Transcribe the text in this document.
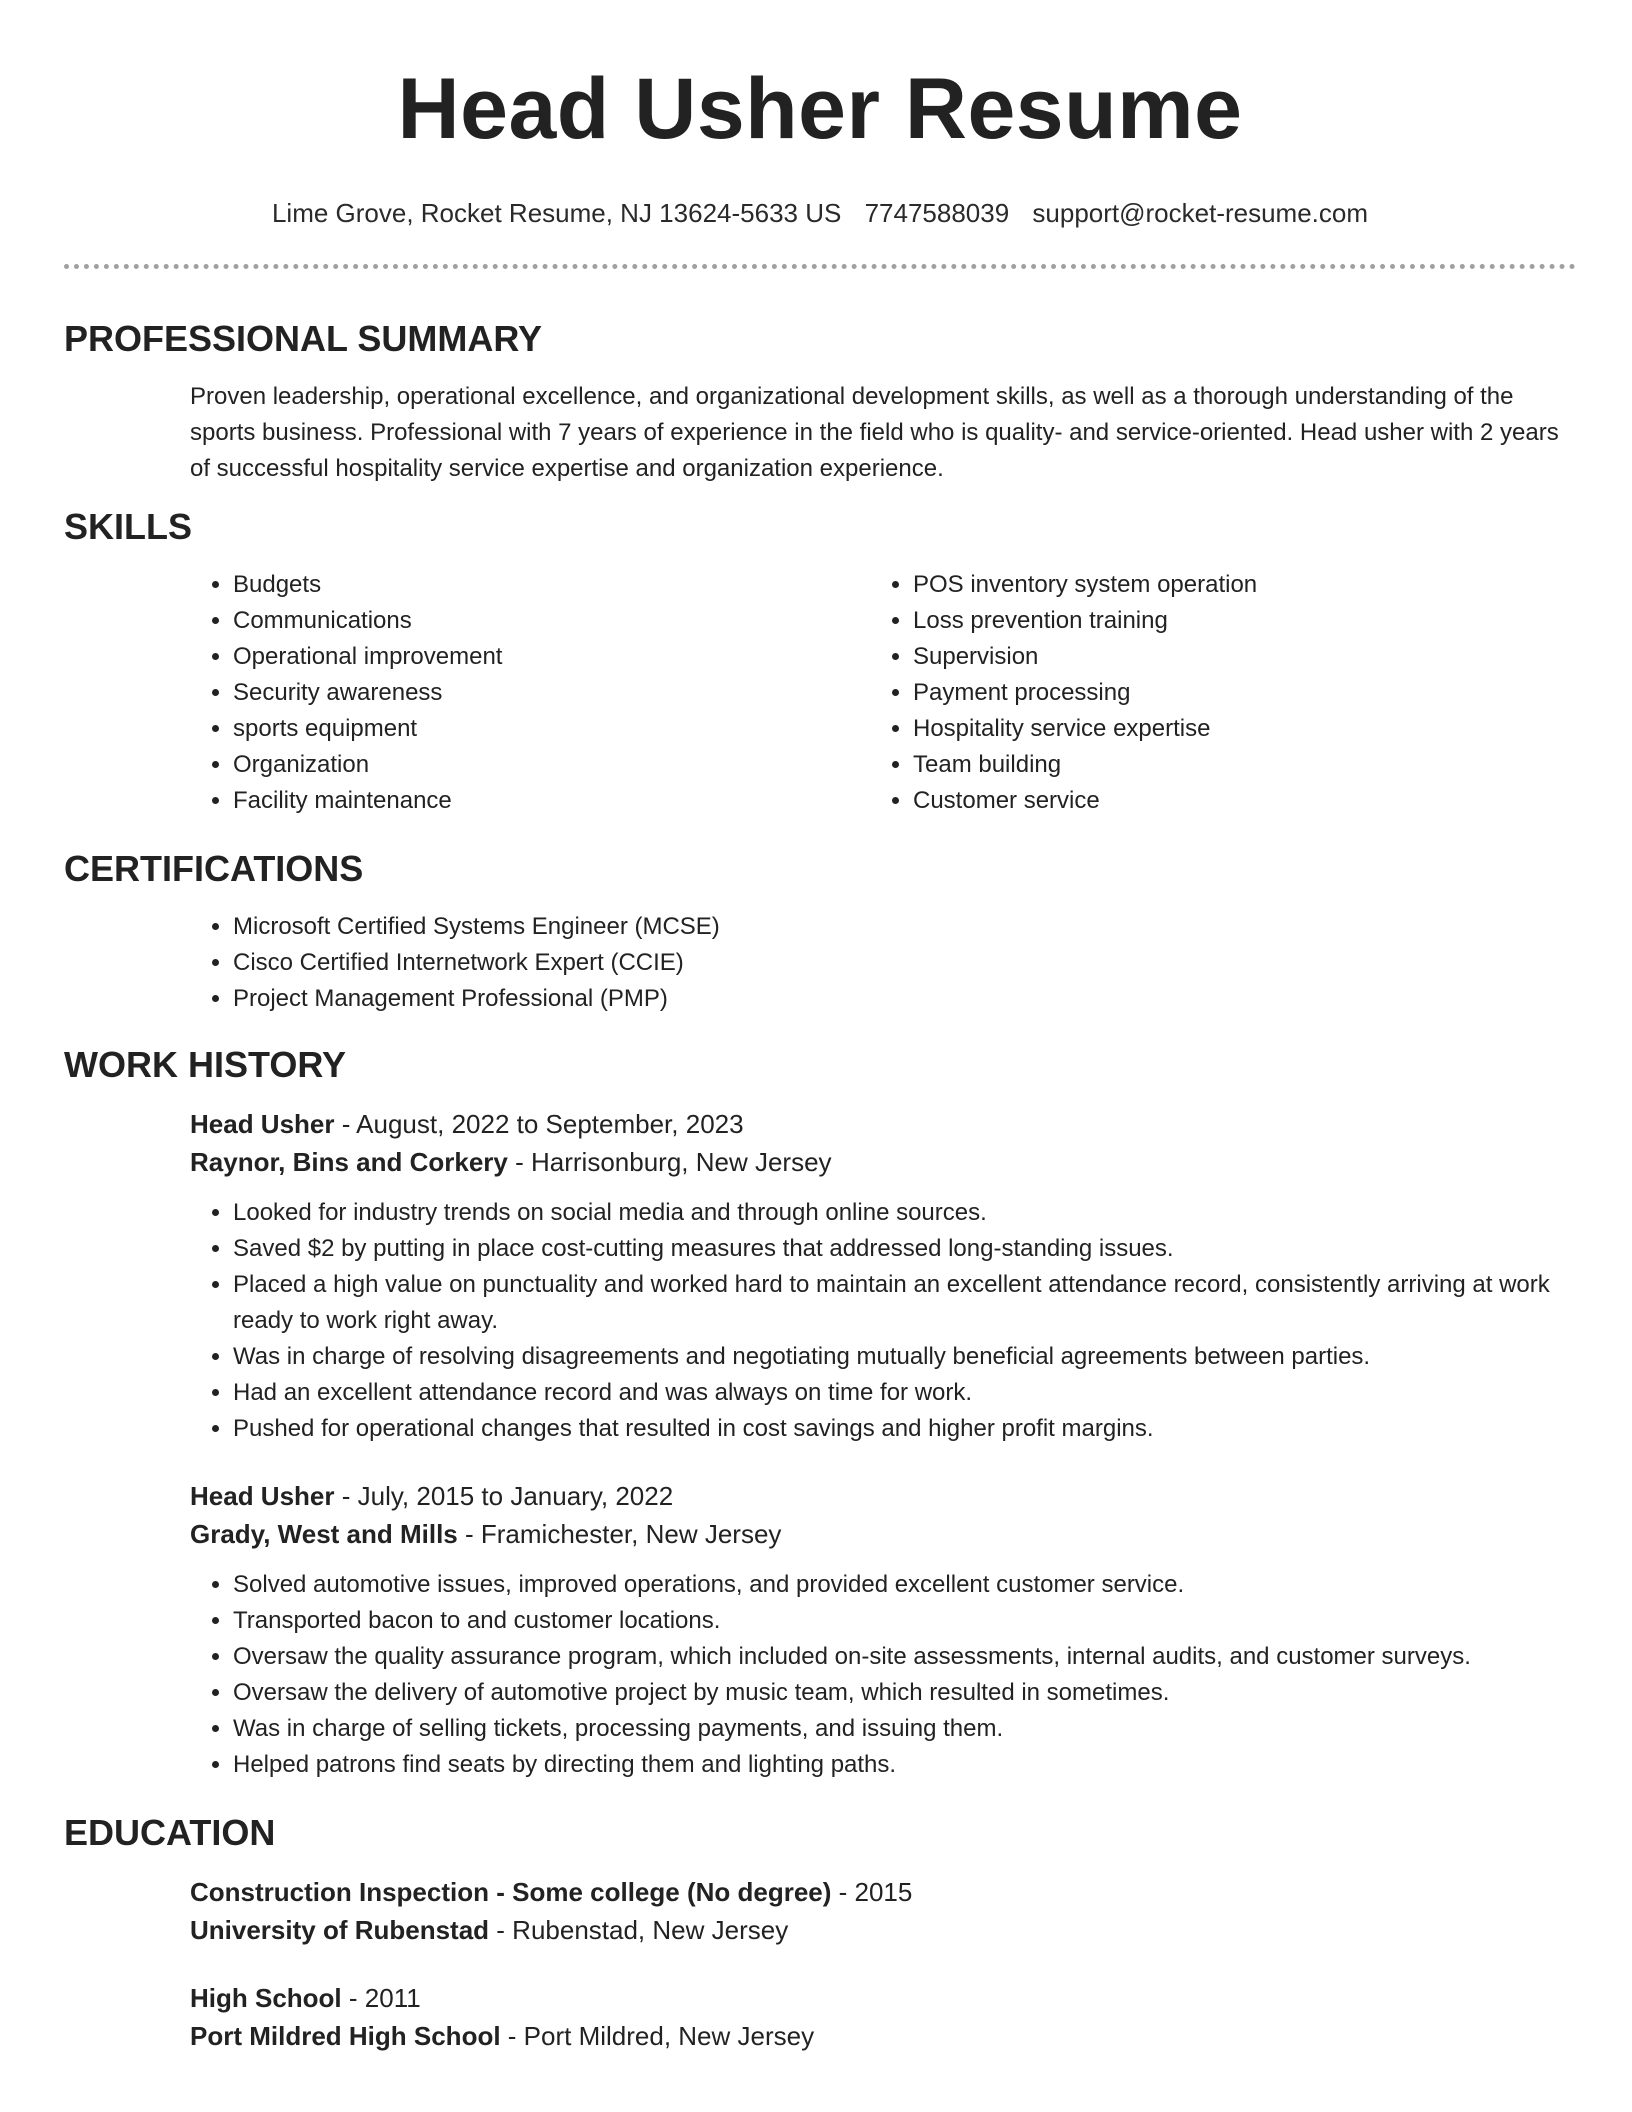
Head Usher Resume
Lime Grove, Rocket Resume, NJ 13624-5633 US 7747588039 support@rocket-resume.com
PROFESSIONAL SUMMARY

Proven leadership, operational excellence, and organizational development skills, as well as a thorough understanding of the sports business. Professional with 7 years of experience in the field who is quality- and service-oriented. Head usher with 2 years of successful hospitality service expertise and organization experience.

SKILLS
• Budgets
• Communications
• Operational improvement
• Security awareness
• sports equipment
• Organization
• Facility maintenance
• POS inventory system operation
• Loss prevention training
• Supervision
• Payment processing
• Hospitality service expertise
• Team building
• Customer service
CERTIFICATIONS
• Microsoft Certified Systems Engineer (MCSE)
• Cisco Certified Internetwork Expert (CCIE)
• Project Management Professional (PMP)
WORK HISTORY

Head Usher - August, 2022 to September, 2023

Raynor, Bins and Corkery - Harrisonburg, New Jersey

• Looked for industry trends on social media and through online sources.
• Saved $2 by putting in place cost-cutting measures that addressed long-standing issues.
• Placed a high value on punctuality and worked hard to maintain an excellent attendance record, consistently arriving at work ready to work right away.
• Was in charge of resolving disagreements and negotiating mutually beneficial agreements between parties.
• Had an excellent attendance record and was always on time for work.
• Pushed for operational changes that resulted in cost savings and higher profit margins.

Head Usher - July, 2015 to January, 2022

Grady, West and Mills - Framichester, New Jersey

• Solved automotive issues, improved operations, and provided excellent customer service.
• Transported bacon to and customer locations.
• Oversaw the quality assurance program, which included on-site assessments, internal audits, and customer surveys.
• Oversaw the delivery of automotive project by music team, which resulted in sometimes.
• Was in charge of selling tickets, processing payments, and issuing them.
• Helped patrons find seats by directing them and lighting paths.
EDUCATION

Construction Inspection - Some college (No degree) - 2015

University of Rubenstad - Rubenstad, New Jersey

High School - 2011

Port Mildred High School - Port Mildred, New Jersey
